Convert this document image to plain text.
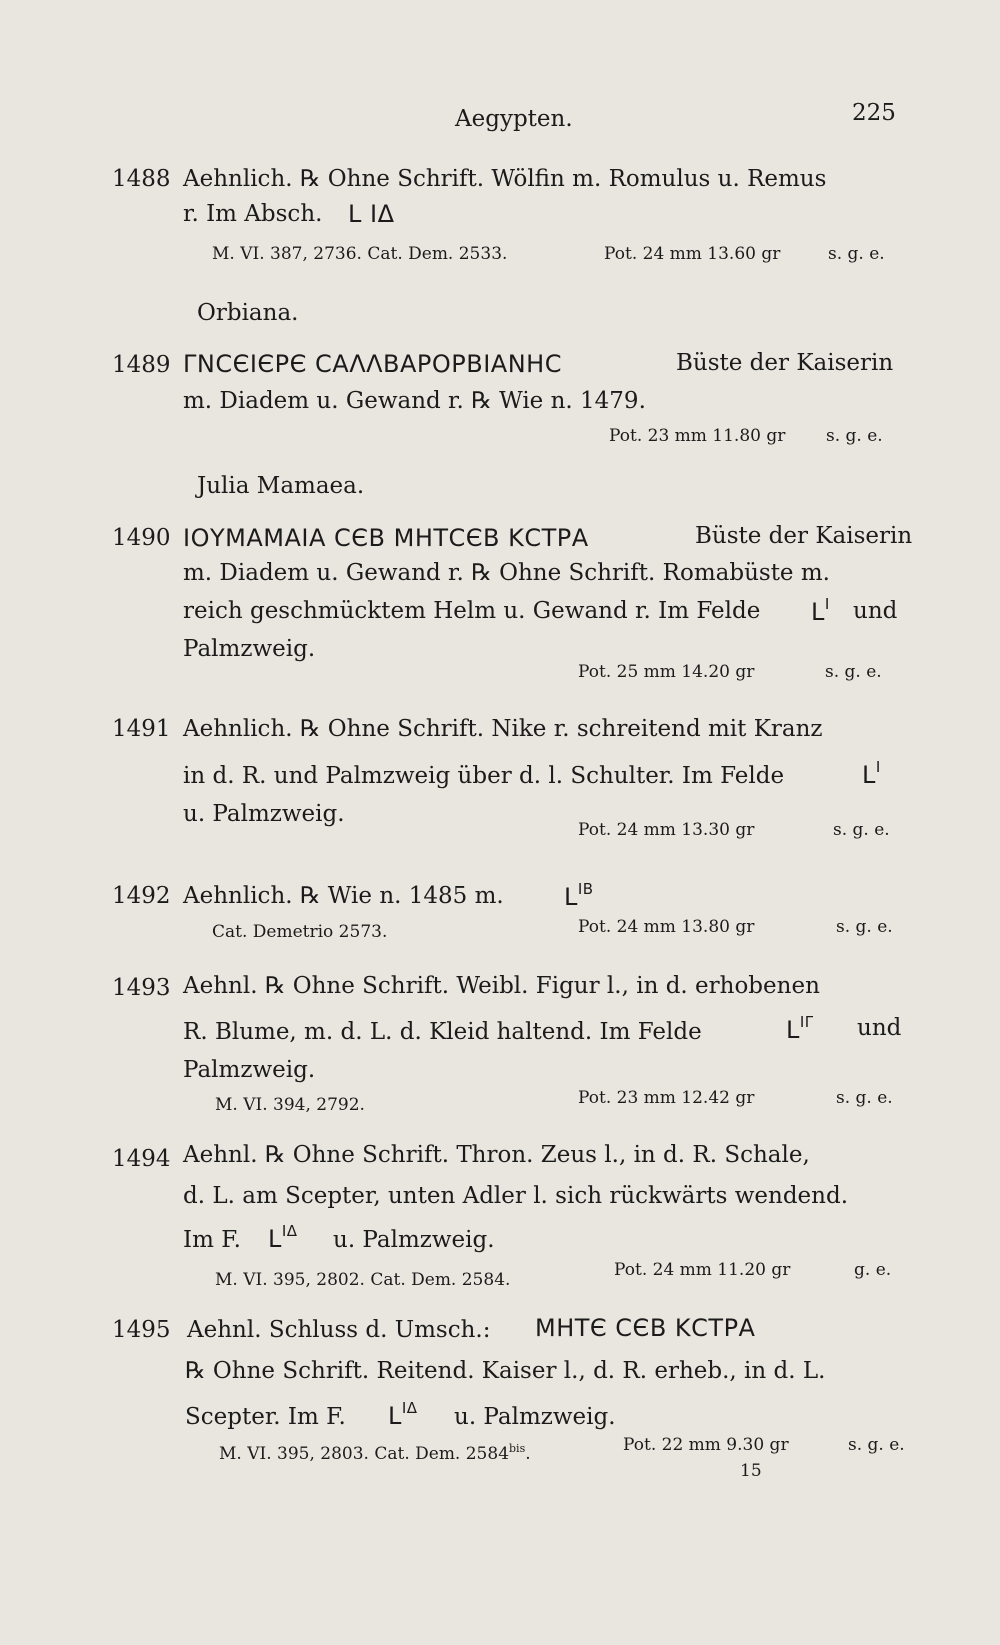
Aegypten.	225
1488 Aehnlich. ℞ Ohne Schrift. Wölfin m. Romulus u. Remus
r. Im Absch. L IΔ
M. VI. 387, 2736. Cat. Dem. 2533.	Pot. 24 mm 13.60 gr	s. g. e.
Orbiana.
1489 ΓΝCЄΙЄΡЄ CΑΛΛΒΑΡΟΡΒΙΑΝΗC	Büste der Kaiserin
m. Diadem u. Gewand r. ℞ Wie n. 1479.
Pot. 23 mm 11.80 gr s. g. e.
Julia Mamaea.
1490 ΙΟΥΜΑΜΑΙΑ CЄΒ ΜΗΤCЄΒ ΚCΤΡΑ	Büste der Kaiserin
m. Diadem u. Gewand r. ℞ Ohne Schrift. Romabüste m.
reich geschmücktem Helm u. Gewand r. Im Felde $L^I$ und
Palmzweig.
Pot. 25 mm 14.20 gr	s. g. e.
1491 Aehnlich. ℞ Ohne Schrift. Nike r. schreitend mit Kranz
in d. R. und Palmzweig über d. l. Schulter. Im Felde	$L^I$
u. Palmzweig.
Pot. 24 mm 13.30 gr	s. g. e.
1492 Aehnlich. ℞ Wie n. 1485 m.	$L^{IB}$
Cat. Demetrio 2573.	Pot. 24 mm 13.80 gr	s. g. e.
1493 Aehnl. ℞ Ohne Schrift. Weibl. Figur l., in d. erhobenen
R. Blume, m. d. L. d. Kleid haltend. Im Felde	$L^{I\Gamma}$ und
Palmzweig.
M. VI. 394, 2792.	Pot. 23 mm 12.42 gr	s. g. e.
1494 Aehnl. ℞ Ohne Schrift. Thron. Zeus l., in d. R. Schale,
d. L. am Scepter, unten Adler l. sich rückwärts wendend.
Im F. $L^{I\Delta}$ u. Palmzweig.
M. VI. 395, 2802. Cat. Dem. 2584.	Pot. 24 mm 11.20 gr	g. e.
1495 Aehnl. Schluss d. Umsch.: ΜΗΤЄ CЄΒ ΚCΤΡΑ
℞ Ohne Schrift. Reitend. Kaiser l., d. R. erheb., in d. L.
Scepter. Im F. $L^{I\Delta}$ u. Palmzweig.
M. VI. 395, 2803. Cat. Dem. $2584^{bis}$.	Pot. 22 mm 9.30 gr	s. g. e.
15
